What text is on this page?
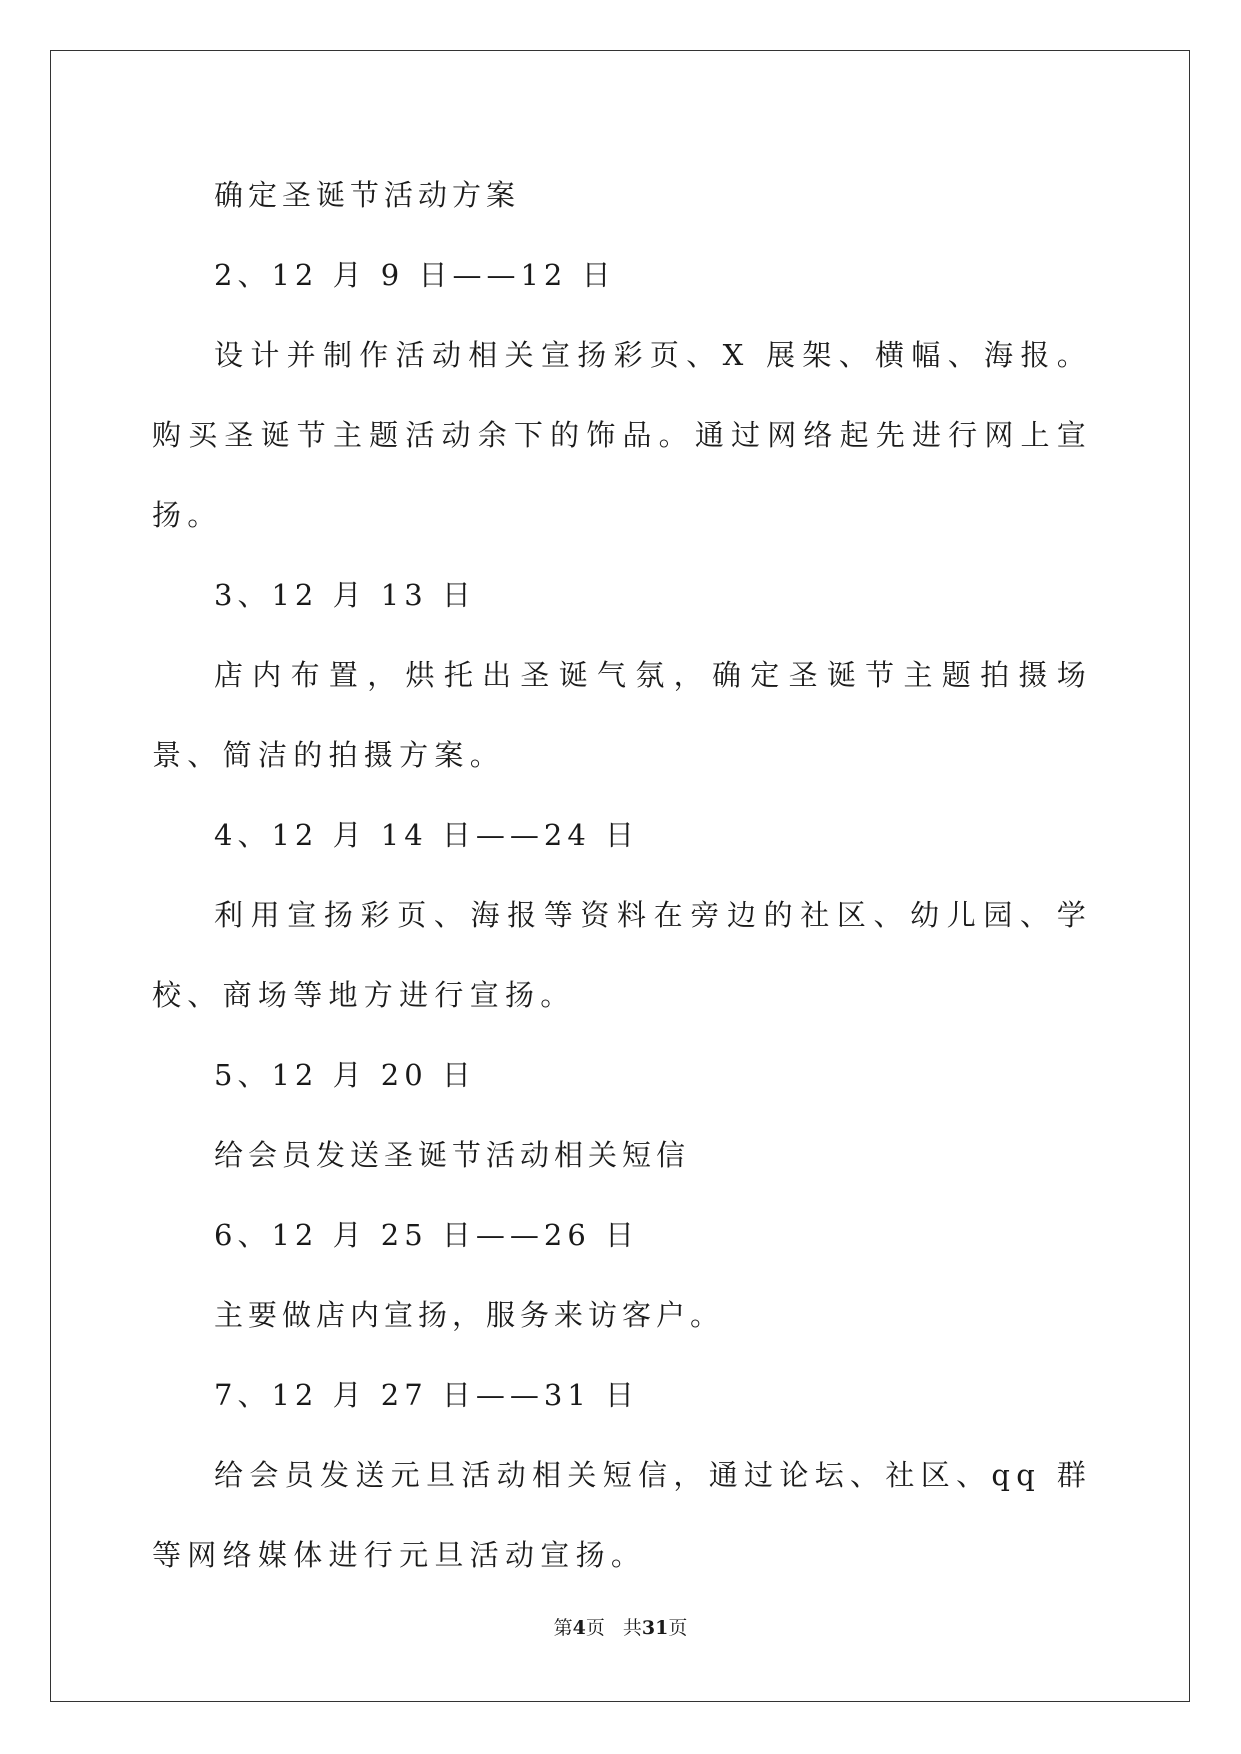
确定圣诞节活动方案

2、12 月 9 日——12 日

设计并制作活动相关宣扬彩页、X 展架、横幅、海报。购买圣诞节主题活动余下的饰品。通过网络起先进行网上宣扬。

3、12 月 13 日

店内布置，烘托出圣诞气氛，确定圣诞节主题拍摄场景、简洁的拍摄方案。

4、12 月 14 日——24 日

利用宣扬彩页、海报等资料在旁边的社区、幼儿园、学校、商场等地方进行宣扬。

5、12 月 20 日

给会员发送圣诞节活动相关短信

6、12 月 25 日——26 日

主要做店内宣扬，服务来访客户。

7、12 月 27 日——31 日

给会员发送元旦活动相关短信，通过论坛、社区、qq 群等网络媒体进行元旦活动宣扬。

第4页 共31页
